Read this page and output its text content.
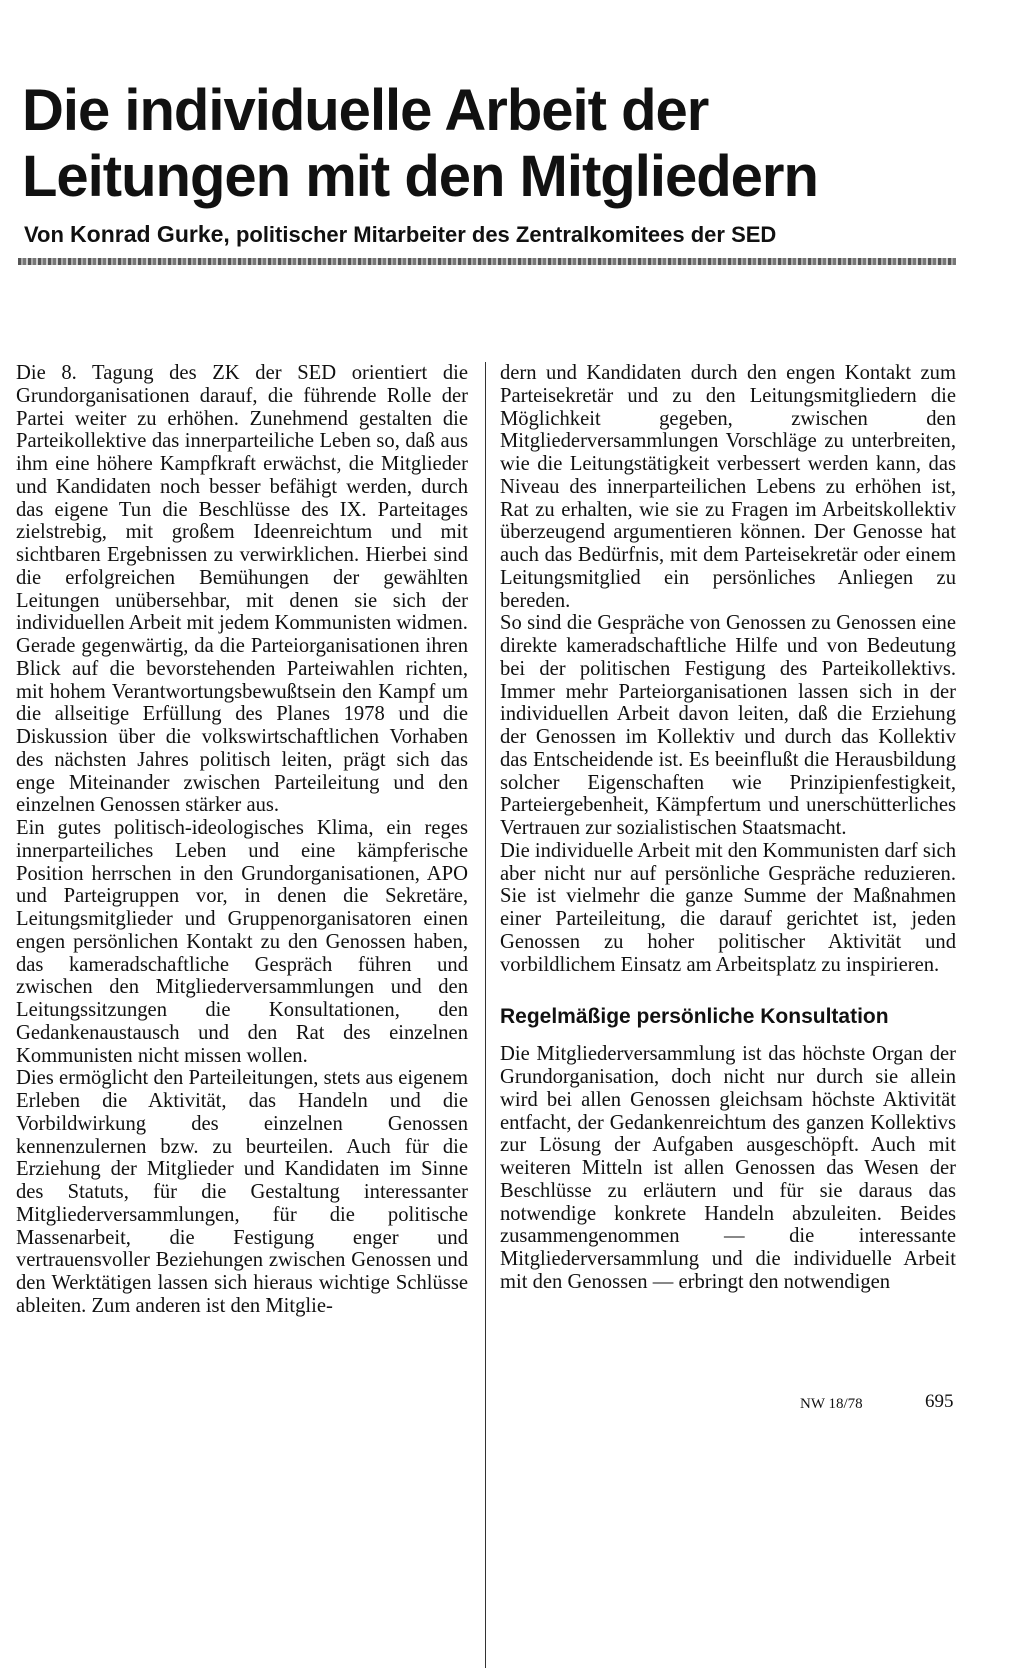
Die individuelle Arbeit der Leitungen mit den Mitgliedern
Von Konrad Gurke, politischer Mitarbeiter des Zentralkomitees der SED

Die 8. Tagung des ZK der SED orientiert die Grundorganisationen darauf, die führende Rolle der Partei weiter zu erhöhen. Zunehmend gestalten die Parteikollektive das innerparteiliche Leben so, daß aus ihm eine höhere Kampfkraft erwächst, die Mitglieder und Kandidaten noch besser befähigt werden, durch das eigene Tun die Beschlüsse des IX. Parteitages zielstrebig, mit großem Ideenreichtum und mit sichtbaren Ergebnissen zu verwirklichen. Hierbei sind die erfolgreichen Bemühungen der gewählten Leitungen unübersehbar, mit denen sie sich der individuellen Arbeit mit jedem Kommunisten widmen.

Gerade gegenwärtig, da die Parteiorganisationen ihren Blick auf die bevorstehenden Parteiwahlen richten, mit hohem Verantwortungsbewußtsein den Kampf um die allseitige Erfüllung des Planes 1978 und die Diskussion über die volkswirtschaftlichen Vorhaben des nächsten Jahres politisch leiten, prägt sich das enge Miteinander zwischen Parteileitung und den einzelnen Genossen stärker aus.

Ein gutes politisch-ideologisches Klima, ein reges innerparteiliches Leben und eine kämpferische Position herrschen in den Grundorganisationen, APO und Parteigruppen vor, in denen die Sekretäre, Leitungsmitglieder und Gruppenorganisatoren einen engen persönlichen Kontakt zu den Genossen haben, das kameradschaftliche Gespräch führen und zwischen den Mitgliederversammlungen und den Leitungssitzungen die Konsultationen, den Gedankenaustausch und den Rat des einzelnen Kommunisten nicht missen wollen.

Dies ermöglicht den Parteileitungen, stets aus eigenem Erleben die Aktivität, das Handeln und die Vorbildwirkung des einzelnen Genossen kennenzulernen bzw. zu beurteilen. Auch für die Erziehung der Mitglieder und Kandidaten im Sinne des Statuts, für die Gestaltung interessanter Mitgliederversammlungen, für die politische Massenarbeit, die Festigung enger und vertrauensvoller Beziehungen zwischen Genossen und den Werktätigen lassen sich hieraus wichtige Schlüsse ableiten. Zum anderen ist den Mitglie-

dern und Kandidaten durch den engen Kontakt zum Parteisekretär und zu den Leitungsmitgliedern die Möglichkeit gegeben, zwischen den Mitgliederversammlungen Vorschläge zu unterbreiten, wie die Leitungstätigkeit verbessert werden kann, das Niveau des innerparteilichen Lebens zu erhöhen ist, Rat zu erhalten, wie sie zu Fragen im Arbeitskollektiv überzeugend argumentieren können. Der Genosse hat auch das Bedürfnis, mit dem Parteisekretär oder einem Leitungsmitglied ein persönliches Anliegen zu bereden.

So sind die Gespräche von Genossen zu Genossen eine direkte kameradschaftliche Hilfe und von Bedeutung bei der politischen Festigung des Parteikollektivs. Immer mehr Parteiorganisationen lassen sich in der individuellen Arbeit davon leiten, daß die Erziehung der Genossen im Kollektiv und durch das Kollektiv das Entscheidende ist. Es beeinflußt die Herausbildung solcher Eigenschaften wie Prinzipienfestigkeit, Parteiergebenheit, Kämpfertum und unerschütterliches Vertrauen zur sozialistischen Staatsmacht.

Die individuelle Arbeit mit den Kommunisten darf sich aber nicht nur auf persönliche Gespräche reduzieren. Sie ist vielmehr die ganze Summe der Maßnahmen einer Parteileitung, die darauf gerichtet ist, jeden Genossen zu hoher politischer Aktivität und vorbildlichem Einsatz am Arbeitsplatz zu inspirieren.

Regelmäßige persönliche Konsultation

Die Mitgliederversammlung ist das höchste Organ der Grundorganisation, doch nicht nur durch sie allein wird bei allen Genossen gleichsam höchste Aktivität entfacht, der Gedankenreichtum des ganzen Kollektivs zur Lösung der Aufgaben ausgeschöpft. Auch mit weiteren Mitteln ist allen Genossen das Wesen der Beschlüsse zu erläutern und für sie daraus das notwendige konkrete Handeln abzuleiten. Beides zusammengenommen — die interessante Mitgliederversammlung und die individuelle Arbeit mit den Genossen — erbringt den notwendigen

NW 18/78	695
